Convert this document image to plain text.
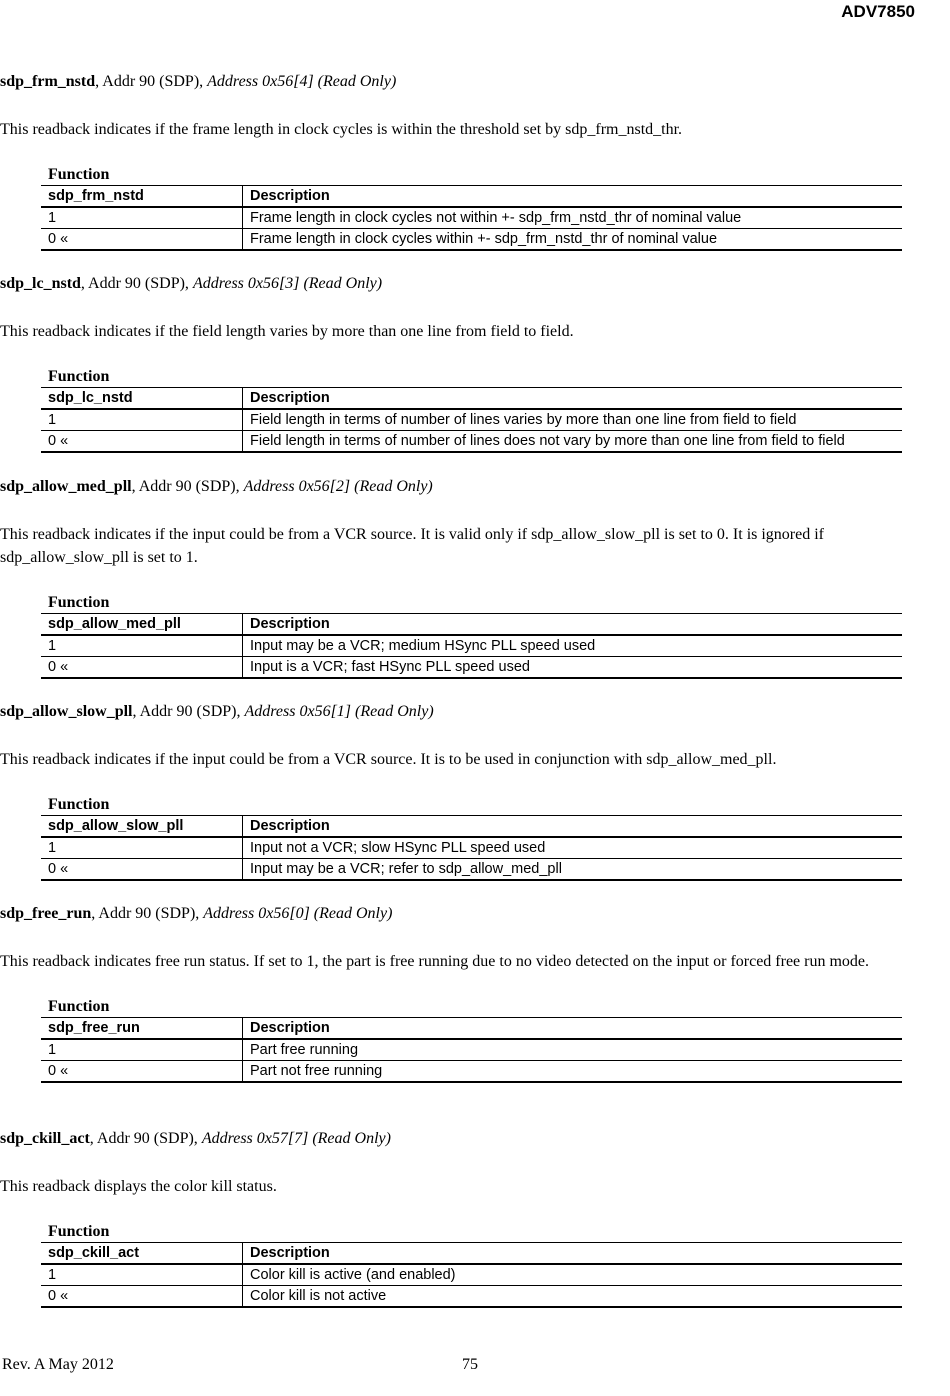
ADV7850

sdp_frm_nstd, Addr 90 (SDP), Address 0x56[4] (Read Only)

This readback indicates if the frame length in clock cycles is within the threshold set by sdp_frm_nstd_thr.

Function
sdp_frm_nstd	Description
1	Frame length in clock cycles not within +- sdp_frm_nstd_thr of nominal value
0 «	Frame length in clock cycles within +- sdp_frm_nstd_thr of nominal value

sdp_lc_nstd, Addr 90 (SDP), Address 0x56[3] (Read Only)

This readback indicates if the field length varies by more than one line from field to field.

Function
sdp_lc_nstd	Description
1	Field length in terms of number of lines varies by more than one line from field to field
0 «	Field length in terms of number of lines does not vary by more than one line from field to field

sdp_allow_med_pll, Addr 90 (SDP), Address 0x56[2] (Read Only)

This readback indicates if the input could be from a VCR source. It is valid only if sdp_allow_slow_pll is set to 0. It is ignored if sdp_allow_slow_pll is set to 1.

Function
sdp_allow_med_pll	Description
1	Input may be a VCR; medium HSync PLL speed used
0 «	Input is a VCR; fast HSync PLL speed used

sdp_allow_slow_pll, Addr 90 (SDP), Address 0x56[1] (Read Only)

This readback indicates if the input could be from a VCR source. It is to be used in conjunction with sdp_allow_med_pll.

Function
sdp_allow_slow_pll	Description
1	Input not a VCR; slow HSync PLL speed used
0 «	Input may be a VCR; refer to sdp_allow_med_pll

sdp_free_run, Addr 90 (SDP), Address 0x56[0] (Read Only)

This readback indicates free run status. If set to 1, the part is free running due to no video detected on the input or forced free run mode.

Function
sdp_free_run	Description
1	Part free running
0 «	Part not free running

sdp_ckill_act, Addr 90 (SDP), Address 0x57[7] (Read Only)

This readback displays the color kill status.

Function
sdp_ckill_act	Description
1	Color kill is active (and enabled)
0 «	Color kill is not active
Rev. A May 2012	75
